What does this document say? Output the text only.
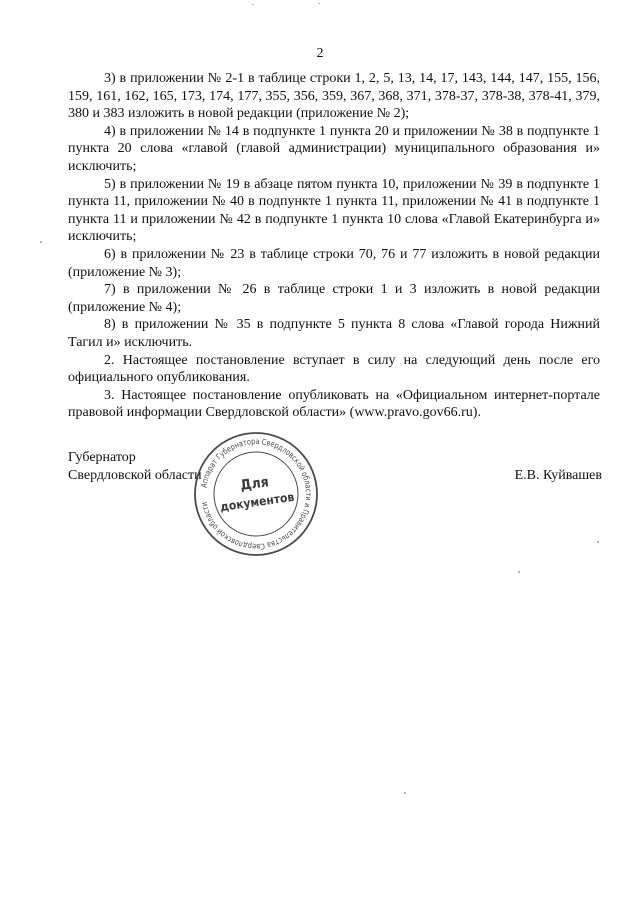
2

3) в приложении № 2-1 в таблице строки 1, 2, 5, 13, 14, 17, 143, 144, 147, 155, 156, 159, 161, 162, 165, 173, 174, 177, 355, 356, 359, 367, 368, 371, 378-37, 378-38, 378-41, 379, 380 и 383 изложить в новой редакции (приложение № 2);

4) в приложении № 14 в подпункте 1 пункта 20 и приложении № 38 в подпункте 1 пункта 20 слова «главой (главой администрации) муниципального образования и» исключить;

5) в приложении № 19 в абзаце пятом пункта 10, приложении № 39 в подпункте 1 пункта 11, приложении № 40 в подпункте 1 пункта 11, приложении № 41 в подпункте 1 пункта 11 и приложении № 42 в подпункте 1 пункта 10 слова «Главой Екатеринбурга и» исключить;

6) в приложении № 23 в таблице строки 70, 76 и 77 изложить в новой редакции (приложение № 3);

7) в приложении № 26 в таблице строки 1 и 3 изложить в новой редакции (приложение № 4);

8) в приложении № 35 в подпункте 5 пункта 8 слова «Главой города Нижний Тагил и» исключить.

2. Настоящее постановление вступает в силу на следующий день после его официального опубликования.

3. Настоящее постановление опубликовать на «Официальном интернет-портале правовой информации Свердловской области» (www.pravo.gov66.ru).

Губернатор
Свердловской области	Е.В. Куйвашев
Аппарат Губернатора Свердловской области и Правительства Свердловской области
Для
документов
